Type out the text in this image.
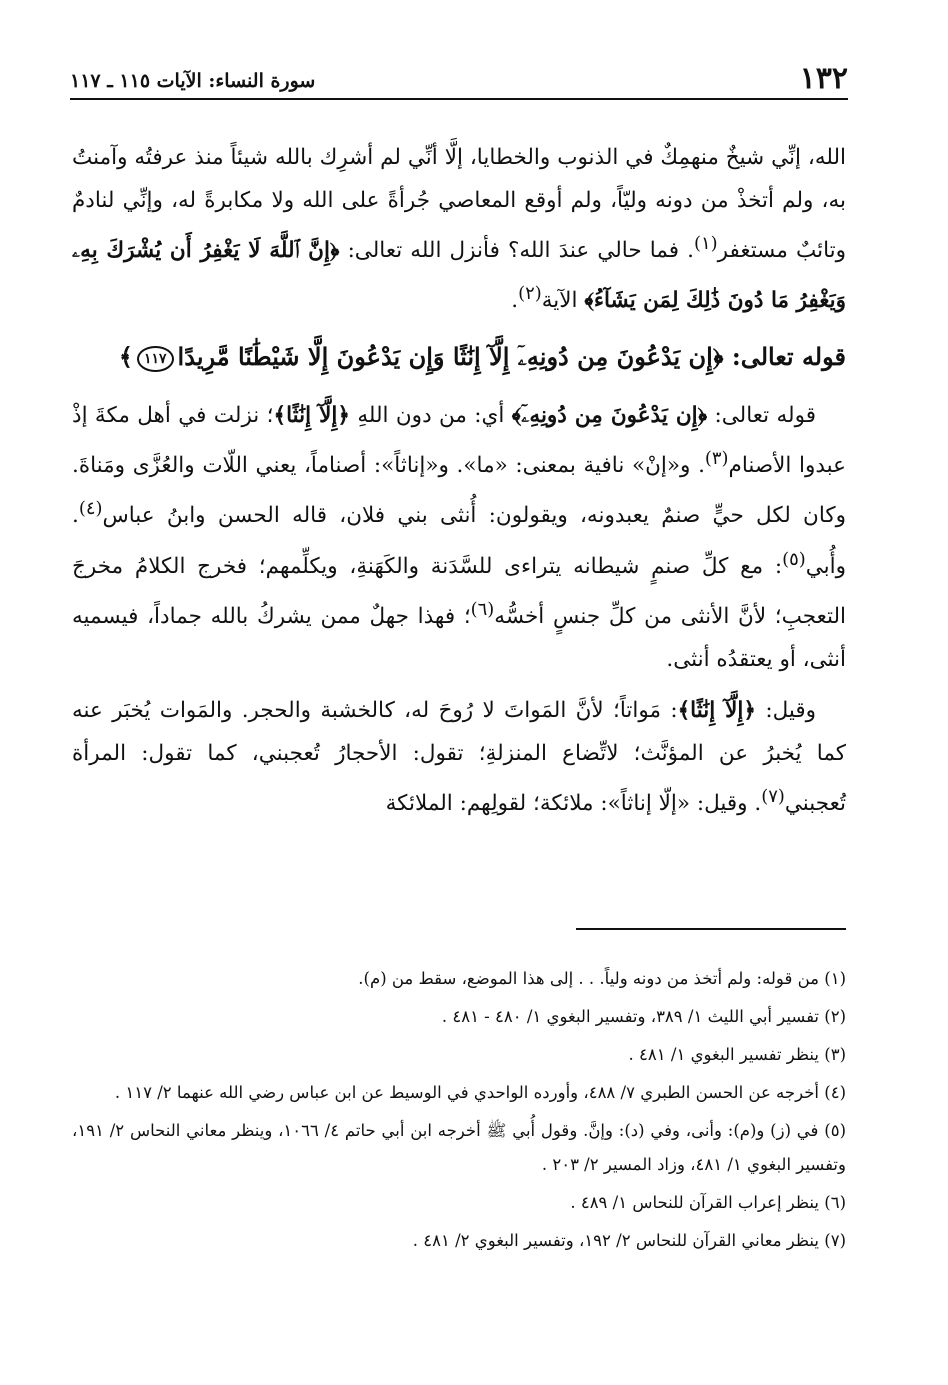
١٣٢
سورة النساء: الآيات ١١٥ ـ ١١٧

الله، إنِّي شيخٌ منهمِكٌ في الذنوب والخطايا، إلَّا أنِّي لم أشرِك بالله شيئاً منذ عرفتُه وآمنتُ به، ولم أتخذْ من دونه وليّاً، ولم أوقع المعاصي جُرأةً على الله ولا مكابرةً له، وإنِّي لنادمٌ وتائبٌ مستغفر$^{(١)}$. فما حالي عندَ الله؟ فأنزل الله تعالى: ﴿إِنَّ ٱللَّهَ لَا يَغْفِرُ أَن يُشْرَكَ بِهِۦ وَيَغْفِرُ مَا دُونَ ذَٰلِكَ لِمَن يَشَآءُ﴾ الآية$^{(٢)}$.

قوله تعالى: ﴿إِن يَدْعُونَ مِن دُونِهِۦٓ إِلَّآ إِنَٰثًا وَإِن يَدْعُونَ إِلَّا شَيْطَٰنًا مَّرِيدًا١١٧﴾

قوله تعالى: ﴿إِن يَدْعُونَ مِن دُونِهِۦٓ﴾ أي: من دون اللهِ ﴿إِلَّآ إِنَٰثًا﴾؛ نزلت في أهل مكةَ إذْ عبدوا الأصنام$^{(٣)}$. و«إنْ» نافية بمعنى: «ما». و«إناثاً»: أصناماً، يعني اللّات والعُزَّى ومَناةَ. وكان لكل حيٍّ صنمٌ يعبدونه، ويقولون: أُنثى بني فلان، قاله الحسن وابنُ عباس$^{(٤)}$. وأُبي$^{(٥)}$: مع كلِّ صنمٍ شيطانه يتراءى للسَّدَنة والكَهَنةِ، ويكلِّمهم؛ فخرج الكلامُ مخرجَ التعجبِ؛ لأنَّ الأنثى من كلِّ جنسٍ أخسُّه$^{(٦)}$؛ فهذا جهلٌ ممن يشركُ بالله جماداً، فيسميه أنثى، أو يعتقدُه أنثى.

وقيل: ﴿إِلَّآ إِنَٰثًا﴾: مَواتاً؛ لأنَّ المَواتَ لا رُوحَ له، كالخشبة والحجر. والمَوات يُخبَر عنه كما يُخبرُ عن المؤنَّث؛ لاتِّضاع المنزلةِ؛ تقول: الأحجارُ تُعجبني، كما تقول: المرأة تُعجبني$^{(٧)}$. وقيل: «إلّا إناثاً»: ملائكة؛ لقولِهم: الملائكة

(١) من قوله: ولم أتخذ من دونه ولياً. . . إلى هذا الموضع، سقط من (م).

(٢) تفسير أبي الليث ١/ ٣٨٩، وتفسير البغوي ١/ ٤٨٠ - ٤٨١ .

(٣) ينظر تفسير البغوي ١/ ٤٨١ .

(٤) أخرجه عن الحسن الطبري ٧/ ٤٨٨، وأورده الواحدي في الوسيط عن ابن عباس رضي الله عنهما ٢/ ١١٧ .

(٥) في (ز) و(م): وأنى، وفي (د): وإنَّ. وقول أُبي ﷺ أخرجه ابن أبي حاتم ٤/ ١٠٦٦، وينظر معاني النحاس ٢/ ١٩١، وتفسير البغوي ١/ ٤٨١، وزاد المسير ٢/ ٢٠٣ .

(٦) ينظر إعراب القرآن للنحاس ١/ ٤٨٩ .

(٧) ينظر معاني القرآن للنحاس ٢/ ١٩٢، وتفسير البغوي ٢/ ٤٨١ .
